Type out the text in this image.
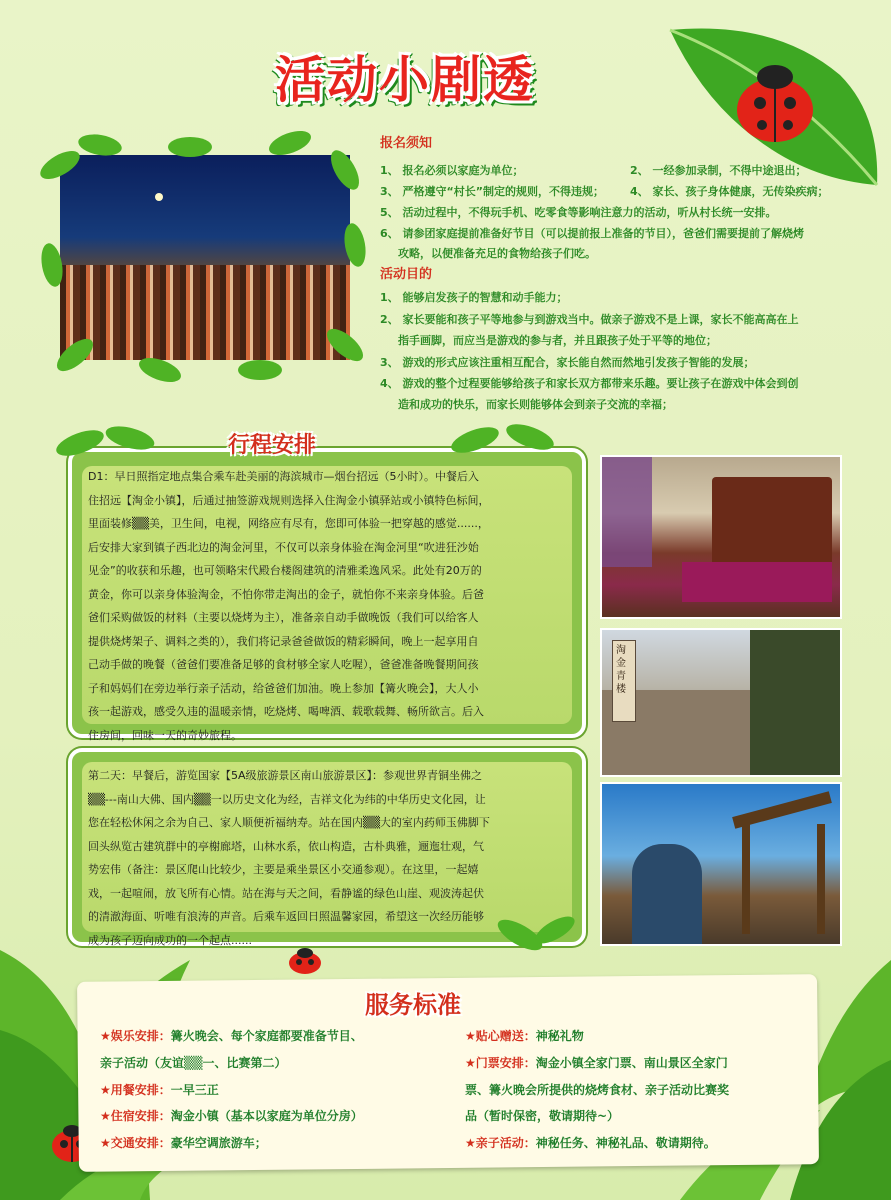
活动小剧透
报名须知
1、 报名必须以家庭为单位；	2、 一经参加录制，不得中途退出；
3、 严格遵守“村长”制定的规则，不得违规； 4、 家长、孩子身体健康，无传染疾病；
5、 活动过程中，不得玩手机、吃零食等影响注意力的活动，听从村长统一安排。
6、 请参团家庭提前准备好节目（可以提前报上准备的节目），爸爸们需要提前了解烧烤
攻略，以便准备充足的食物给孩子们吃。
活动目的
1、 能够启发孩子的智慧和动手能力；
2、 家长要能和孩子平等地参与到游戏当中。做亲子游戏不是上课，家长不能高高在上
指手画脚，而应当是游戏的参与者，并且跟孩子处于平等的地位；
3、 游戏的形式应该注重相互配合，家长能自然而然地引发孩子智能的发展；
4、 游戏的整个过程要能够给孩子和家长双方都带来乐趣。要让孩子在游戏中体会到创
造和成功的快乐，而家长则能够体会到亲子交流的幸福；
行程安排
D1：早日照指定地点集合乘车赴美丽的海滨城市—烟台招远（5小时）。中餐后入
住招远【淘金小镇】，后通过抽签游戏规则选择入住淘金小镇驿站或小镇特色标间，
里面装修▒▒美，卫生间，电视，网络应有尽有，您即可体验一把穿越的感觉......，
后安排大家到镇子西北边的淘金河里，不仅可以亲身体验在淘金河里“吹进狂沙始
见金”的收获和乐趣，也可领略宋代殿台楼阁建筑的清雅柔逸风采。此处有20万的
黄金，你可以亲身体验淘金，不怕你带走淘出的金子，就怕你不来亲身体验。后爸
爸们采购做饭的材料（主要以烧烤为主），准备亲自动手做晚饭（我们可以给客人
提供烧烤架子、调料之类的），我们将记录爸爸做饭的精彩瞬间，晚上一起享用自
己动手做的晚餐（爸爸们要准备足够的食材够全家人吃喔），爸爸准备晚餐期间孩
子和妈妈们在旁边举行亲子活动，给爸爸们加油。晚上参加【篝火晚会】，大人小
孩一起游戏，感受久违的温暖亲情，吃烧烤、喝啤酒、载歌载舞、畅所欲言。后入
住房间，回味一天的奇妙旅程。
第二天：早餐后，游览国家【5A级旅游景区南山旅游景区】：参观世界青铜坐佛之
▒▒---南山大佛、国内▒▒一以历史文化为经，吉祥文化为纬的中华历史文化园，让
您在轻松休闲之余为自己、家人顺便祈福纳寿。站在国内▒▒大的室内药师玉佛脚下
回头纵览古建筑群中的亭榭廊塔，山林水系，依山构造，古朴典雅，逦迤壮观，气
势宏伟（备注：景区爬山比较少，主要是乘坐景区小交通参观）。在这里，一起嬉
戏，一起喧闹，放飞所有心情。站在海与天之间，看静谧的绿色山崖、观波涛起伏
的清澈海面、听唯有浪涛的声音。后乘车返回日照温馨家园，希望这一次经历能够
成为孩子迈向成功的一个起点......
淘金青楼
服务标准
★娱乐安排：篝火晚会、每个家庭都要准备节目、
亲子活动（友谊▒▒一、比赛第二）
★用餐安排：一早三正
★住宿安排：淘金小镇（基本以家庭为单位分房）
★交通安排：豪华空调旅游车；
★贴心赠送：神秘礼物
★门票安排：淘金小镇全家门票、南山景区全家门
票、篝火晚会所提供的烧烤食材、亲子活动比赛奖
品（暂时保密，敬请期待~）
★亲子活动：神秘任务、神秘礼品、敬请期待。
